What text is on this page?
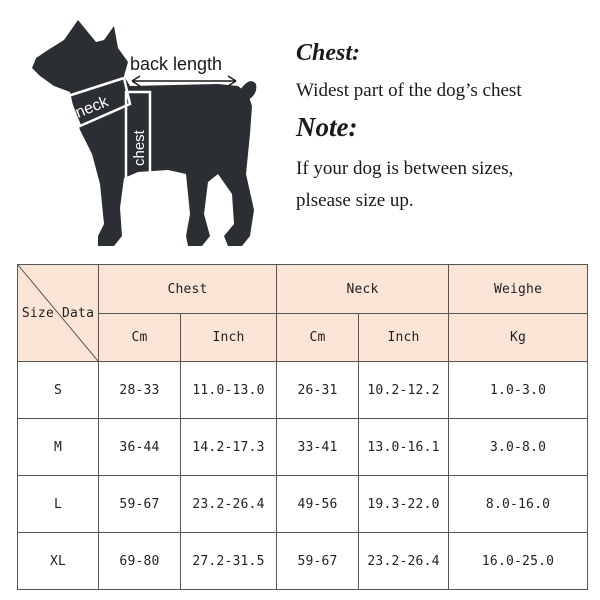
back length
neck
chest
Chest:
Widest part of the dog’s chest
Note:
If your dog is between sizes,
plsease size up.
Size Data	Chest		Neck		Weighe
	Cm	Inch	Cm	Inch	Kg
S	28-33	11.0-13.0	26-31	10.2-12.2	1.0-3.0
M	36-44	14.2-17.3	33-41	13.0-16.1	3.0-8.0
L	59-67	23.2-26.4	49-56	19.3-22.0	8.0-16.0
XL	69-80	27.2-31.5	59-67	23.2-26.4	16.0-25.0
